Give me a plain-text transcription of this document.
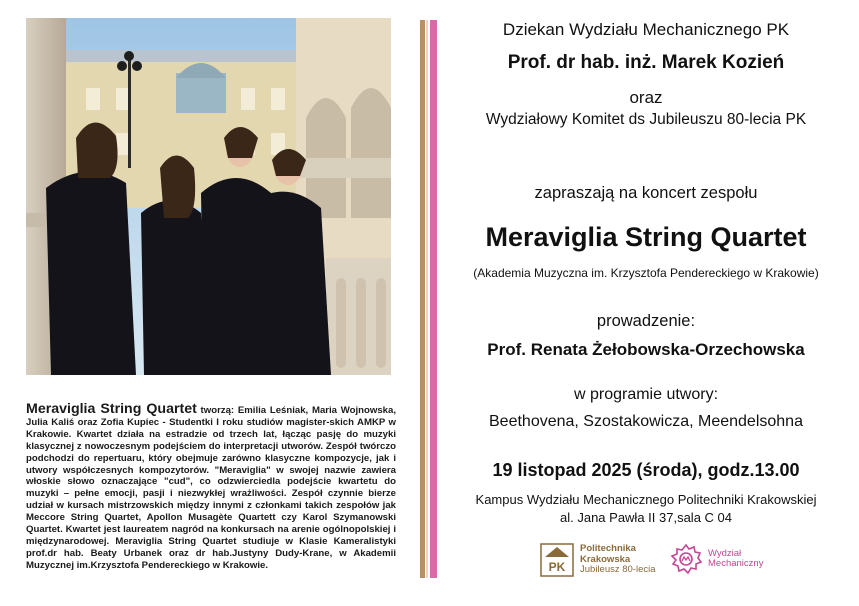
Meraviglia String Quartet tworzą: Emilia Leśniak, Maria Wojnowska, Julia Kaliś oraz Zofia Kupiec - Studentki I roku studiów magister-skich AMKP w Krakowie. Kwartet działa na estradzie od trzech lat, łącząc pasję do muzyki klasycznej z nowoczesnym podejściem do interpretacji utworów. Zespół twórczo podchodzi do repertuaru, który obejmuje zarówno klasyczne kompozycje, jak i utwory współczesnych kompozytorów. "Meraviglia" w swojej nazwie zawiera włoskie słowo oznaczające "cud", co odzwierciedla podejście kwartetu do muzyki – pełne emocji, pasji i niezwykłej wrażliwości. Zespół czynnie bierze udział w kursach mistrzowskich między innymi z członkami takich zespołów jak Meccore String Quartet, Apollon Musagète Quartett czy Karol Szymanowski Quartet. Kwartet jest laureatem nagród na konkursach na arenie ogólnopolskiej i międzynarodowej. Meraviglia String Quartet studiuje w Klasie Kameralistyki prof.dr hab. Beaty Urbanek oraz dr hab.Justyny Dudy-Krane, w Akademii Muzycznej im.Krzysztofa Pendereckiego w Krakowie.
Dziekan Wydziału Mechanicznego PK
Prof. dr hab. inż. Marek Kozień
oraz
Wydziałowy Komitet ds Jubileuszu 80-lecia PK
zapraszają na koncert zespołu
Meraviglia String Quartet
(Akademia Muzyczna im. Krzysztofa Pendereckiego w Krakowie)
prowadzenie:
Prof. Renata Żełobowska-Orzechowska
w programie utwory:
Beethovena, Szostakowicza, Meendelsohna
19 listopad 2025 (środa), godz.13.00
Kampus Wydziału Mechanicznego Politechniki Krakowskiej
al. Jana Pawła II 37,sala C 04
PK
Politechnika
Krakowska
Jubileusz 80-lecia
Wydział
Mechaniczny
